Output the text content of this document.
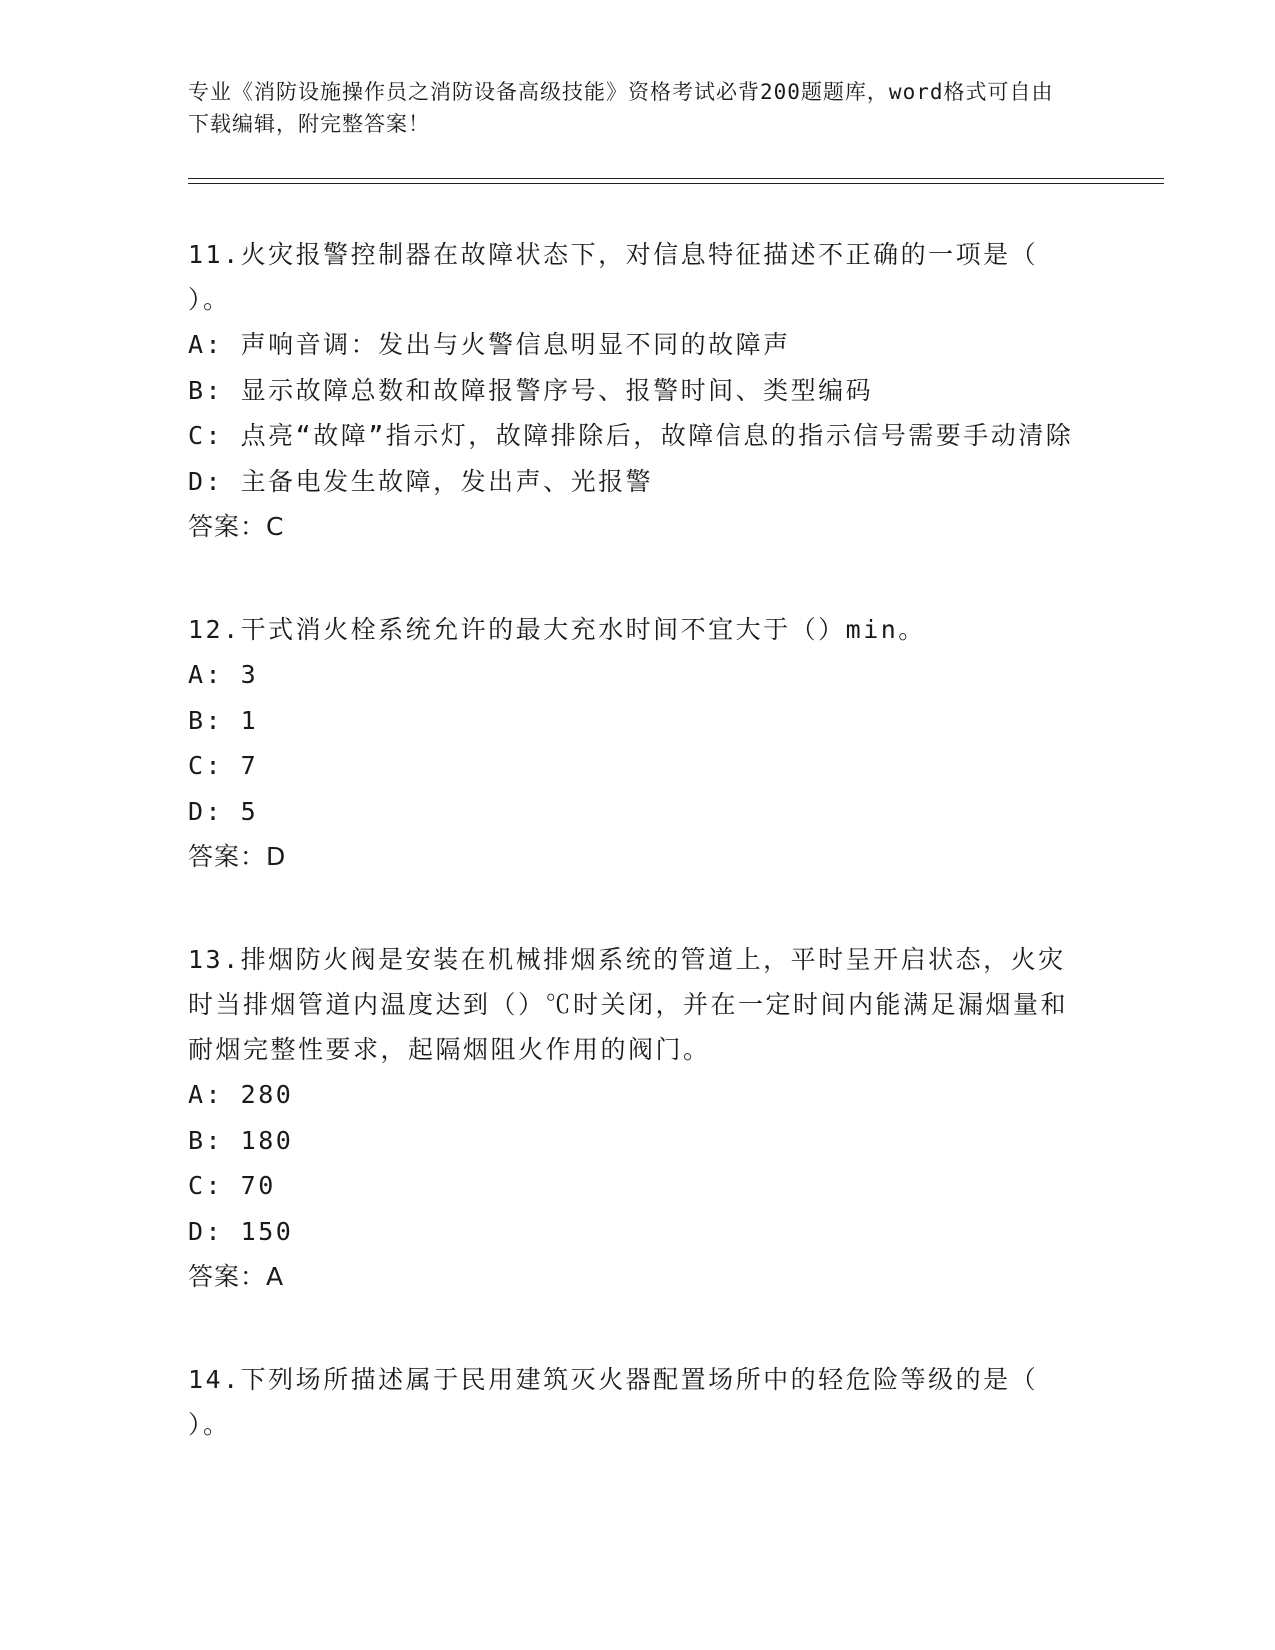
专业《消防设施操作员之消防设备高级技能》资格考试必背200题题库，word格式可自由下载编辑，附完整答案！
11.火灾报警控制器在故障状态下，对信息特征描述不正确的一项是（ ）。
A: 声响音调：发出与火警信息明显不同的故障声
B: 显示故障总数和故障报警序号、报警时间、类型编码
C: 点亮“故障”指示灯，故障排除后，故障信息的指示信号需要手动清除
D: 主备电发生故障，发出声、光报警
答案：C
12.干式消火栓系统允许的最大充水时间不宜大于（）min。
A: 3
B: 1
C: 7
D: 5
答案：D
13.排烟防火阀是安装在机械排烟系统的管道上，平时呈开启状态，火灾时当排烟管道内温度达到（）℃时关闭，并在一定时间内能满足漏烟量和耐烟完整性要求，起隔烟阻火作用的阀门。
A: 280
B: 180
C: 70
D: 150
答案：A
14.下列场所描述属于民用建筑灭火器配置场所中的轻危险等级的是（ ）。
